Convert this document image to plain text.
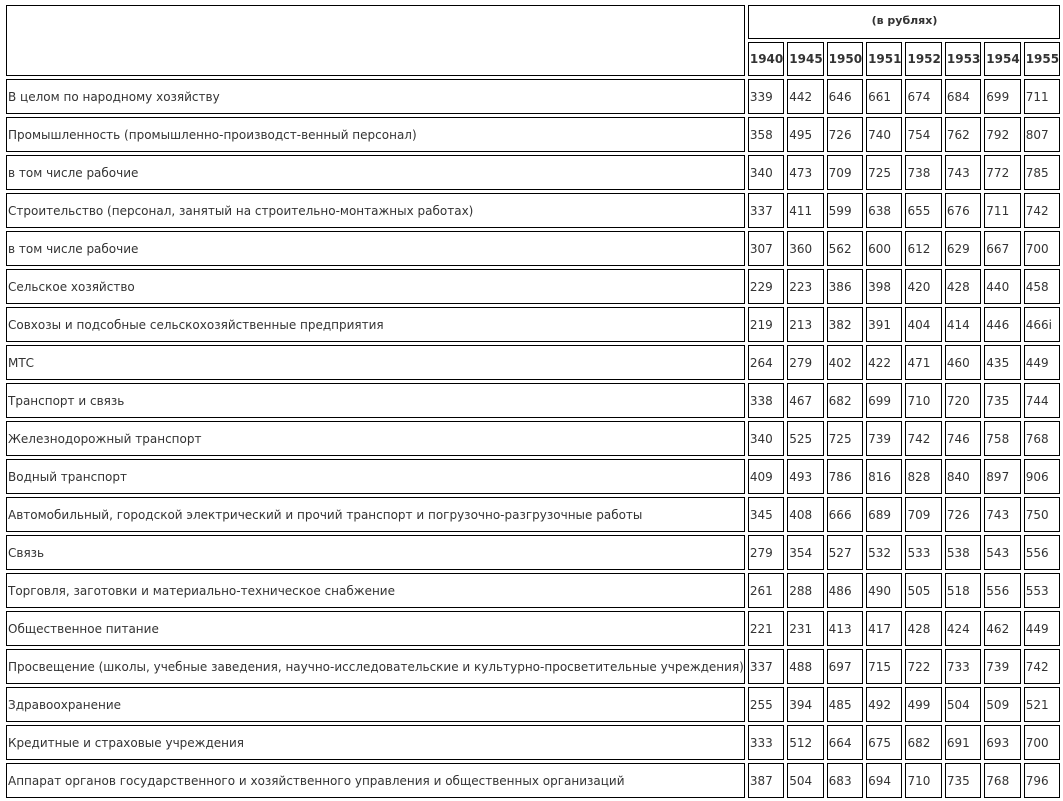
	(в рублях)							
	1940	1945	1950	1951	1952	1953	1954	1955
В целом по народному хозяйству	339	442	646	661	674	684	699	711
Промышленность (промышленно-производст-венный персонал)	358	495	726	740	754	762	792	807
в том числе рабочие	340	473	709	725	738	743	772	785
Строительство (персонал, занятый на строительно-монтажных работах)	337	411	599	638	655	676	711	742
в том числе рабочие	307	360	562	600	612	629	667	700
Сельское хозяйство	229	223	386	398	420	428	440	458
Совхозы и подсобные сельскохозяйственные предприятия	219	213	382	391	404	414	446	466i
МТС	264	279	402	422	471	460	435	449
Транспорт и связь	338	467	682	699	710	720	735	744
Железнодорожный транспорт	340	525	725	739	742	746	758	768
Водный транспорт	409	493	786	816	828	840	897	906
Автомобильный, городской электрический и прочий транспорт и погрузочно-разгрузочные работы	345	408	666	689	709	726	743	750
Связь	279	354	527	532	533	538	543	556
Торговля, заготовки и материально-техническое снабжение	261	288	486	490	505	518	556	553
Общественное питание	221	231	413	417	428	424	462	449
Просвещение (школы, учебные заведения, научно-исследовательские и культурно-просветительные учреждения)	337	488	697	715	722	733	739	742
Здравоохранение	255	394	485	492	499	504	509	521
Кредитные и страховые учреждения	333	512	664	675	682	691	693	700
Аппарат органов государственного и хозяйственного управления и общественных организаций	387	504	683	694	710	735	768	796
